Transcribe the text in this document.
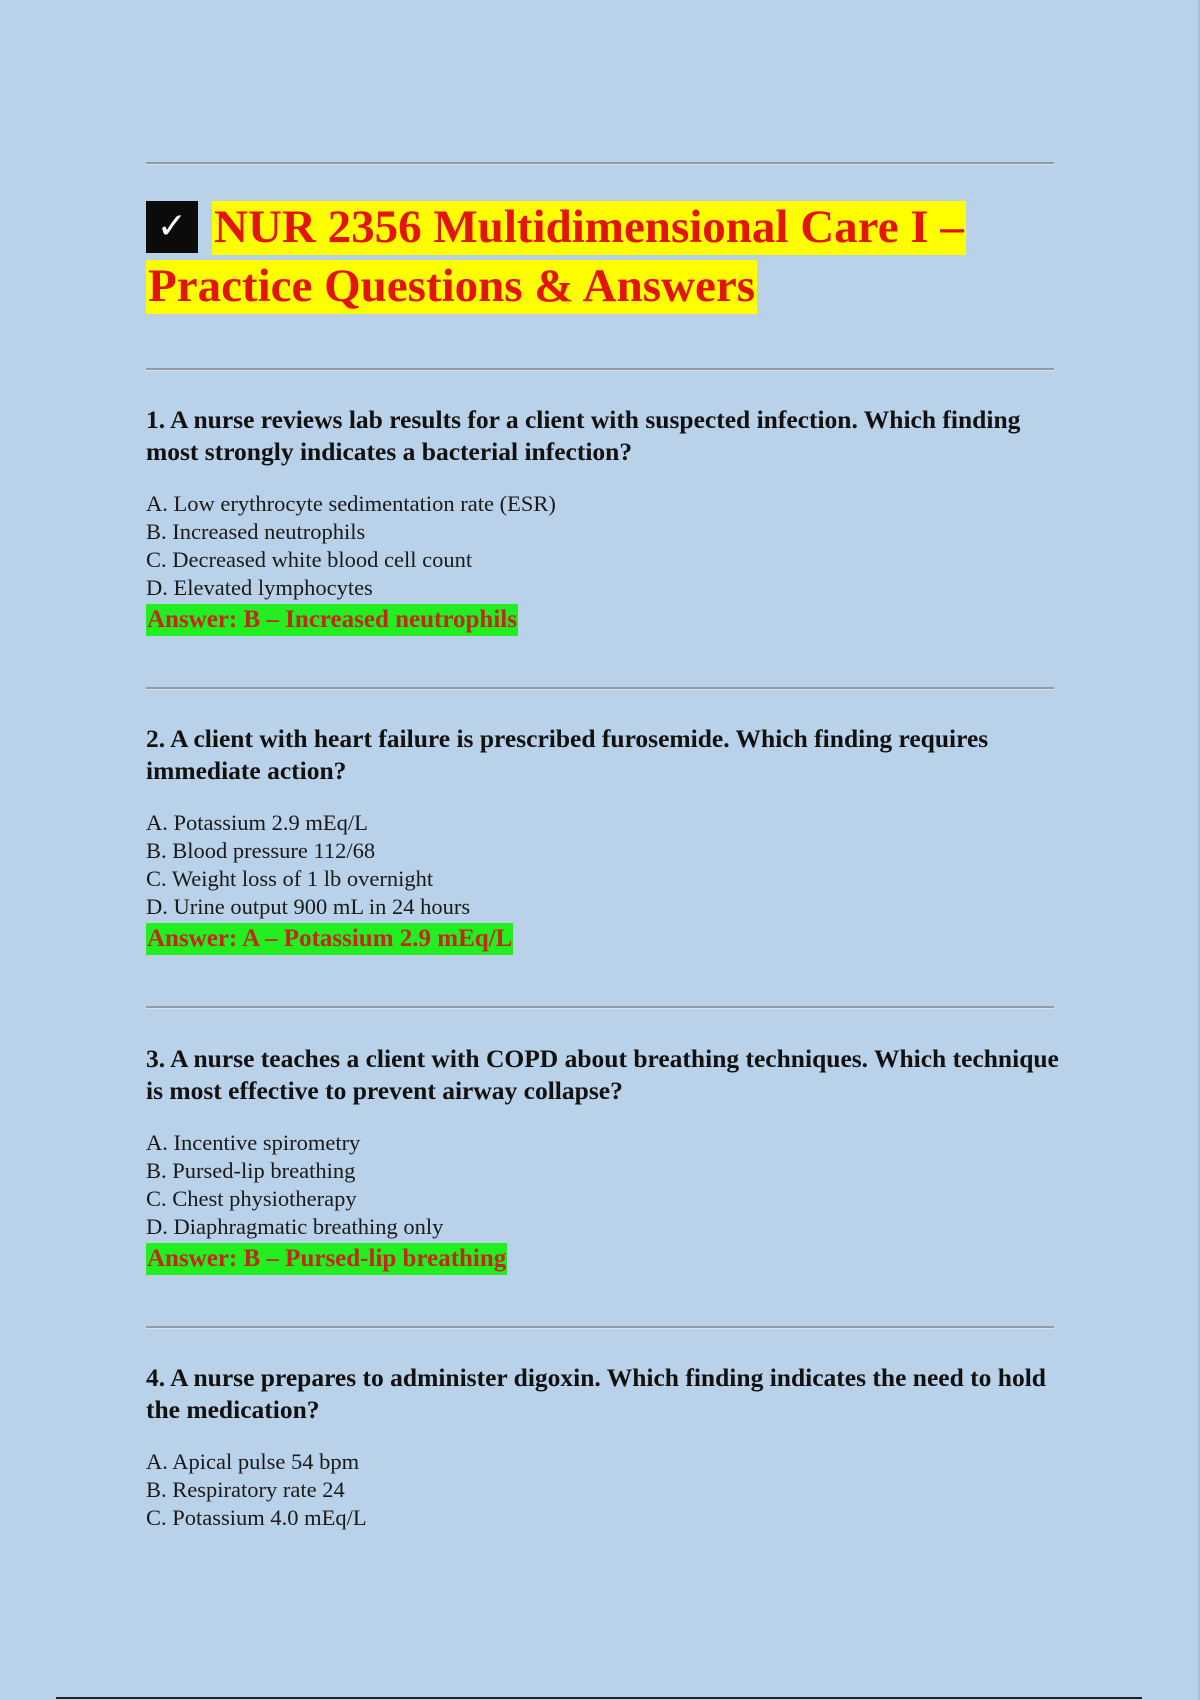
✓ NUR 2356 Multidimensional Care I – Practice Questions & Answers

1. A nurse reviews lab results for a client with suspected infection. Which finding most strongly indicates a bacterial infection?

A. Low erythrocyte sedimentation rate (ESR)
B. Increased neutrophils
C. Decreased white blood cell count
D. Elevated lymphocytes
Answer: B – Increased neutrophils

2. A client with heart failure is prescribed furosemide. Which finding requires immediate action?

A. Potassium 2.9 mEq/L
B. Blood pressure 112/68
C. Weight loss of 1 lb overnight
D. Urine output 900 mL in 24 hours
Answer: A – Potassium 2.9 mEq/L

3. A nurse teaches a client with COPD about breathing techniques. Which technique is most effective to prevent airway collapse?

A. Incentive spirometry
B. Pursed-lip breathing
C. Chest physiotherapy
D. Diaphragmatic breathing only
Answer: B – Pursed-lip breathing

4. A nurse prepares to administer digoxin. Which finding indicates the need to hold the medication?

A. Apical pulse 54 bpm
B. Respiratory rate 24
C. Potassium 4.0 mEq/L
